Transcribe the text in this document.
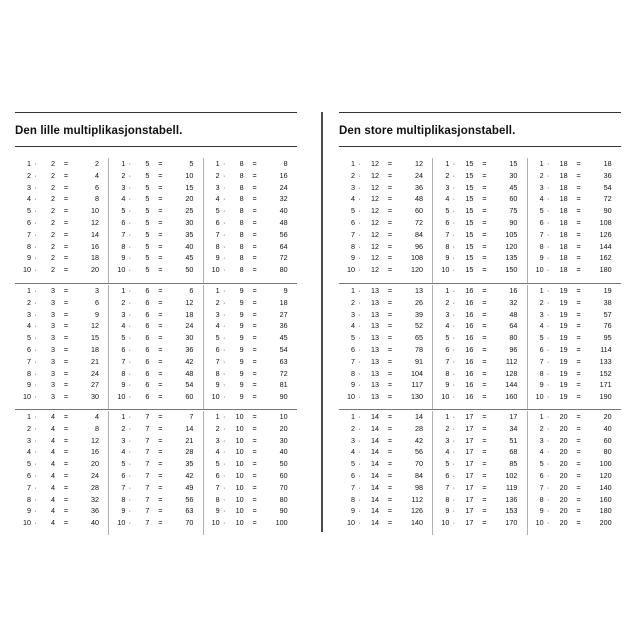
Den lille multiplikasjonstabell.
1 ·	2	=	2
2 ·	2	=	4
3 ·	2	=	6
4 ·	2	=	8
5 ·	2	=	10
6 ·	2	=	12
7 ·	2	=	14
8 ·	2	=	16
9 ·	2	=	18
10 ·	2	=	20
1 ·	5	=	5
2 ·	5	=	10
3 ·	5	=	15
4 ·	5	=	20
5 ·	5	=	25
6 ·	5	=	30
7 ·	5	=	35
8 ·	5	=	40
9 ·	5	=	45
10 ·	5	=	50
1 ·	8	=	8
2 ·	8	=	16
3 ·	8	=	24
4 ·	8	=	32
5 ·	8	=	40
6 ·	8	=	48
7 ·	8	=	56
8 ·	8	=	64
9 ·	8	=	72
10 ·	8	=	80
1 ·	3	=	3
2 ·	3	=	6
3 ·	3	=	9
4 ·	3	=	12
5 ·	3	=	15
6 ·	3	=	18
7 ·	3	=	21
8 ·	3	=	24
9 ·	3	=	27
10 ·	3	=	30
1 ·	6	=	6
2 ·	6	=	12
3 ·	6	=	18
4 ·	6	=	24
5 ·	6	=	30
6 ·	6	=	36
7 ·	6	=	42
8 ·	6	=	48
9 ·	6	=	54
10 ·	6	=	60
1 ·	9	=	9
2 ·	9	=	18
3 ·	9	=	27
4 ·	9	=	36
5 ·	9	=	45
6 ·	9	=	54
7 ·	9	=	63
8 ·	9	=	72
9 ·	9	=	81
10 ·	9	=	90
1 ·	4	=	4
2 ·	4	=	8
3 ·	4	=	12
4 ·	4	=	16
5 ·	4	=	20
6 ·	4	=	24
7 ·	4	=	28
8 ·	4	=	32
9 ·	4	=	36
10 ·	4	=	40
1 ·	7	=	7
2 ·	7	=	14
3 ·	7	=	21
4 ·	7	=	28
5 ·	7	=	35
6 ·	7	=	42
7 ·	7	=	49
8 ·	7	=	56
9 ·	7	=	63
10 ·	7	=	70
1 ·	10	=	10
2 ·	10	=	20
3 ·	10	=	30
4 ·	10	=	40
5 ·	10	=	50
6 ·	10	=	60
7 ·	10	=	70
8 ·	10	=	80
9 ·	10	=	90
10 ·	10	=	100
Den store multiplikasjonstabell.
1 ·	12	=	12
2 ·	12	=	24
3 ·	12	=	36
4 ·	12	=	48
5 ·	12	=	60
6 ·	12	=	72
7 ·	12	=	84
8 ·	12	=	96
9 ·	12	=	108
10 ·	12	=	120
1 ·	15	=	15
2 ·	15	=	30
3 ·	15	=	45
4 ·	15	=	60
5 ·	15	=	75
6 ·	15	=	90
7 ·	15	=	105
8 ·	15	=	120
9 ·	15	=	135
10 ·	15	=	150
1 ·	18	=	18
2 ·	18	=	36
3 ·	18	=	54
4 ·	18	=	72
5 ·	18	=	90
6 ·	18	=	108
7 ·	18	=	126
8 ·	18	=	144
9 ·	18	=	162
10 ·	18	=	180
1 ·	13	=	13
2 ·	13	=	26
3 ·	13	=	39
4 ·	13	=	52
5 ·	13	=	65
6 ·	13	=	78
7 ·	13	=	91
8 ·	13	=	104
9 ·	13	=	117
10 ·	13	=	130
1 ·	16	=	16
2 ·	16	=	32
3 ·	16	=	48
4 ·	16	=	64
5 ·	16	=	80
6 ·	16	=	96
7 ·	16	=	112
8 ·	16	=	128
9 ·	16	=	144
10 ·	16	=	160
1 ·	19	=	19
2 ·	19	=	38
3 ·	19	=	57
4 ·	19	=	76
5 ·	19	=	95
6 ·	19	=	114
7 ·	19	=	133
8 ·	19	=	152
9 ·	19	=	171
10 ·	19	=	190
1 ·	14	=	14
2 ·	14	=	28
3 ·	14	=	42
4 ·	14	=	56
5 ·	14	=	70
6 ·	14	=	84
7 ·	14	=	98
8 ·	14	=	112
9 ·	14	=	126
10 ·	14	=	140
1 ·	17	=	17
2 ·	17	=	34
3 ·	17	=	51
4 ·	17	=	68
5 ·	17	=	85
6 ·	17	=	102
7 ·	17	=	119
8 ·	17	=	136
9 ·	17	=	153
10 ·	17	=	170
1 ·	20	=	20
2 ·	20	=	40
3 ·	20	=	60
4 ·	20	=	80
5 ·	20	=	100
6 ·	20	=	120
7 ·	20	=	140
8 ·	20	=	160
9 ·	20	=	180
10 ·	20	=	200
